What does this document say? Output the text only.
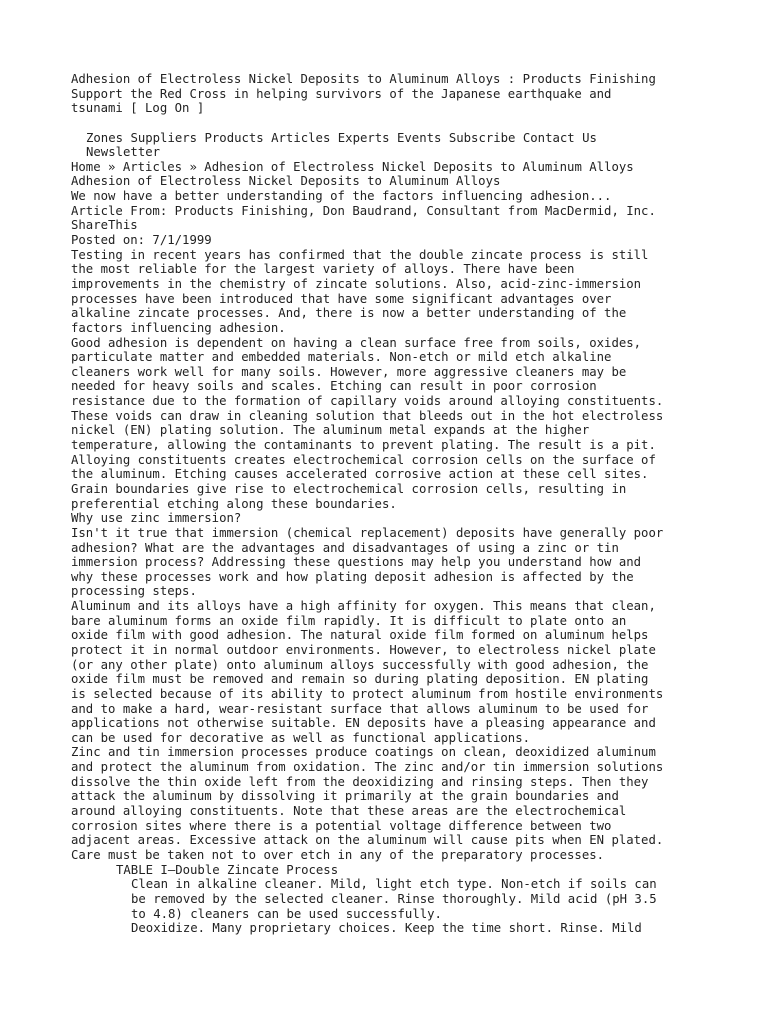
Adhesion of Electroless Nickel Deposits to Aluminum Alloys : Products Finishing
Support the Red Cross in helping survivors of the Japanese earthquake and
tsunami [ Log On ]
Zones Suppliers Products Articles Experts Events Subscribe Contact Us
Newsletter
Home » Articles » Adhesion of Electroless Nickel Deposits to Aluminum Alloys
Adhesion of Electroless Nickel Deposits to Aluminum Alloys
We now have a better understanding of the factors influencing adhesion...
Article From: Products Finishing, Don Baudrand, Consultant from MacDermid, Inc.
ShareThis
Posted on: 7/1/1999
Testing in recent years has confirmed that the double zincate process is still
the most reliable for the largest variety of alloys. There have been
improvements in the chemistry of zincate solutions. Also, acid-zinc-immersion
processes have been introduced that have some significant advantages over
alkaline zincate processes. And, there is now a better understanding of the
factors influencing adhesion.
Good adhesion is dependent on having a clean surface free from soils, oxides,
particulate matter and embedded materials. Non-etch or mild etch alkaline
cleaners work well for many soils. However, more aggressive cleaners may be
needed for heavy soils and scales. Etching can result in poor corrosion
resistance due to the formation of capillary voids around alloying constituents.
These voids can draw in cleaning solution that bleeds out in the hot electroless
nickel (EN) plating solution. The aluminum metal expands at the higher
temperature, allowing the contaminants to prevent plating. The result is a pit.
Alloying constituents creates electrochemical corrosion cells on the surface of
the aluminum. Etching causes accelerated corrosive action at these cell sites.
Grain boundaries give rise to electrochemical corrosion cells, resulting in
preferential etching along these boundaries.
Why use zinc immersion?
Isn't it true that immersion (chemical replacement) deposits have generally poor
adhesion? What are the advantages and disadvantages of using a zinc or tin
immersion process? Addressing these questions may help you understand how and
why these processes work and how plating deposit adhesion is affected by the
processing steps.
Aluminum and its alloys have a high affinity for oxygen. This means that clean,
bare aluminum forms an oxide film rapidly. It is difficult to plate onto an
oxide film with good adhesion. The natural oxide film formed on aluminum helps
protect it in normal outdoor environments. However, to electroless nickel plate
(or any other plate) onto aluminum alloys successfully with good adhesion, the
oxide film must be removed and remain so during plating deposition. EN plating
is selected because of its ability to protect aluminum from hostile environments
and to make a hard, wear-resistant surface that allows aluminum to be used for
applications not otherwise suitable. EN deposits have a pleasing appearance and
can be used for decorative as well as functional applications.
Zinc and tin immersion processes produce coatings on clean, deoxidized aluminum
and protect the aluminum from oxidation. The zinc and/or tin immersion solutions
dissolve the thin oxide left from the deoxidizing and rinsing steps. Then they
attack the aluminum by dissolving it primarily at the grain boundaries and
around alloying constituents. Note that these areas are the electrochemical
corrosion sites where there is a potential voltage difference between two
adjacent areas. Excessive attack on the aluminum will cause pits when EN plated.
Care must be taken not to over etch in any of the preparatory processes.
TABLE I—Double Zincate Process
Clean in alkaline cleaner. Mild, light etch type. Non-etch if soils can
be removed by the selected cleaner. Rinse thoroughly. Mild acid (pH 3.5
to 4.8) cleaners can be used successfully.
Deoxidize. Many proprietary choices. Keep the time short. Rinse. Mild
